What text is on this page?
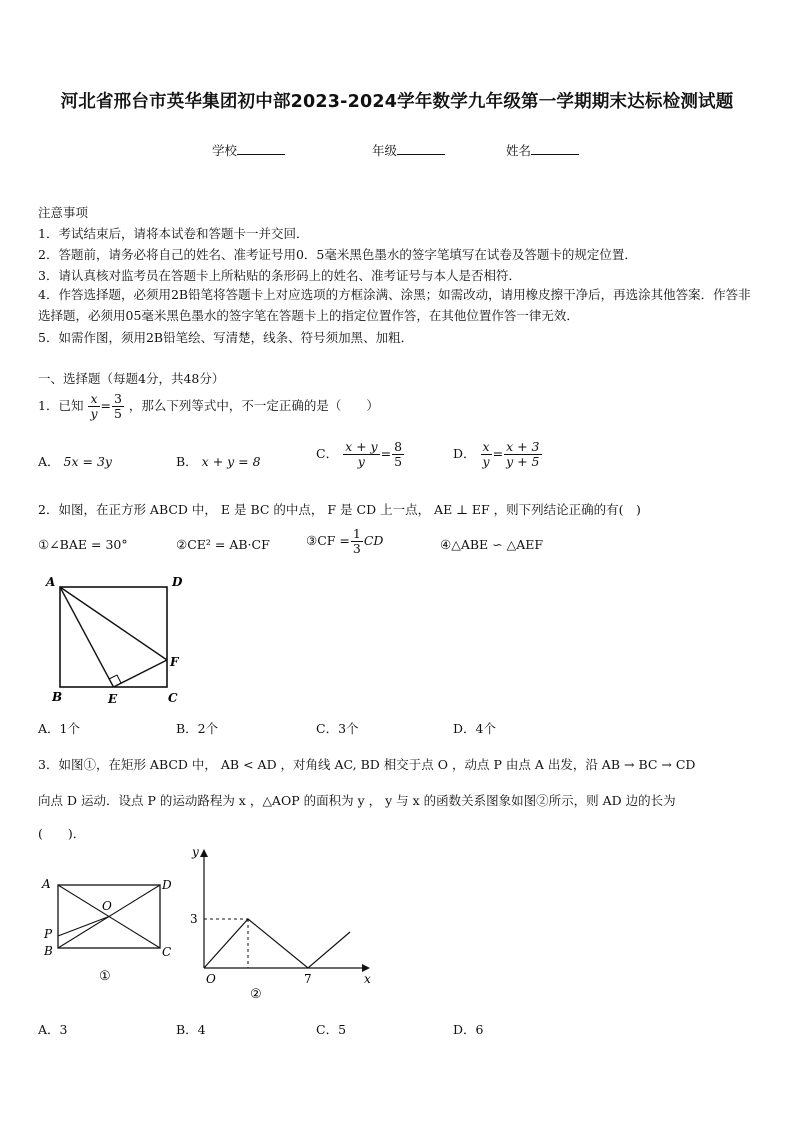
河北省邢台市英华集团初中部2023-2024学年数学九年级第一学期期末达标检测试题
学校	年级	姓名
注意事项
1．考试结束后，请将本试卷和答题卡一并交回．
2．答题前，请务必将自己的姓名、准考证号用0．5毫米黑色墨水的签字笔填写在试卷及答题卡的规定位置．
3．请认真核对监考员在答题卡上所粘贴的条形码上的姓名、准考证号与本人是否相符．
4．作答选择题，必须用2B铅笔将答题卡上对应选项的方框涂满、涂黑；如需改动，请用橡皮擦干净后，再选涂其他答案．作答非选择题，必须用05毫米黑色墨水的签字笔在答题卡上的指定位置作答，在其他位置作答一律无效．
5．如需作图，须用2B铅笔绘、写清楚，线条、符号须加黑、加粗．
一、选择题（每题4分，共48分）
1．已知 $\frac{x}{y} = \frac{3}{5}$ ，那么下列等式中，不一定正确的是（　　）
A． 5x = 3y	B． x + y = 8
C． $\frac{x + y}{y} = \frac{8}{5}$	D． $\frac{x}{y} = \frac{x + 3}{y + 5}$
2．如图，在正方形 ABCD 中， E 是 BC 的中点， F 是 CD 上一点， AE ⊥ EF ，则下列结论正确的有(　)
①∠BAE = 30°	②CE² = AB·CF	③CF = $\frac{1}{3}$ CD	④△ABE ∽ △AEF
A	D
B	E	C
F
A．1个	B．2个	C．3个	D．4个
3．如图①，在矩形 ABCD 中， AB < AD ，对角线 AC, BD 相交于点 O ，动点 P 由点 A 出发，沿 AB → BC → CD
向点 D 运动．设点 P 的运动路程为 x ，△AOP 的面积为 y ， y 与 x 的函数关系图象如图②所示，则 AD 边的长为
(　　)．
A	D
O
P
B	C
①
y
x
O
3
7
②
A．3	B．4	C．5	D．6
